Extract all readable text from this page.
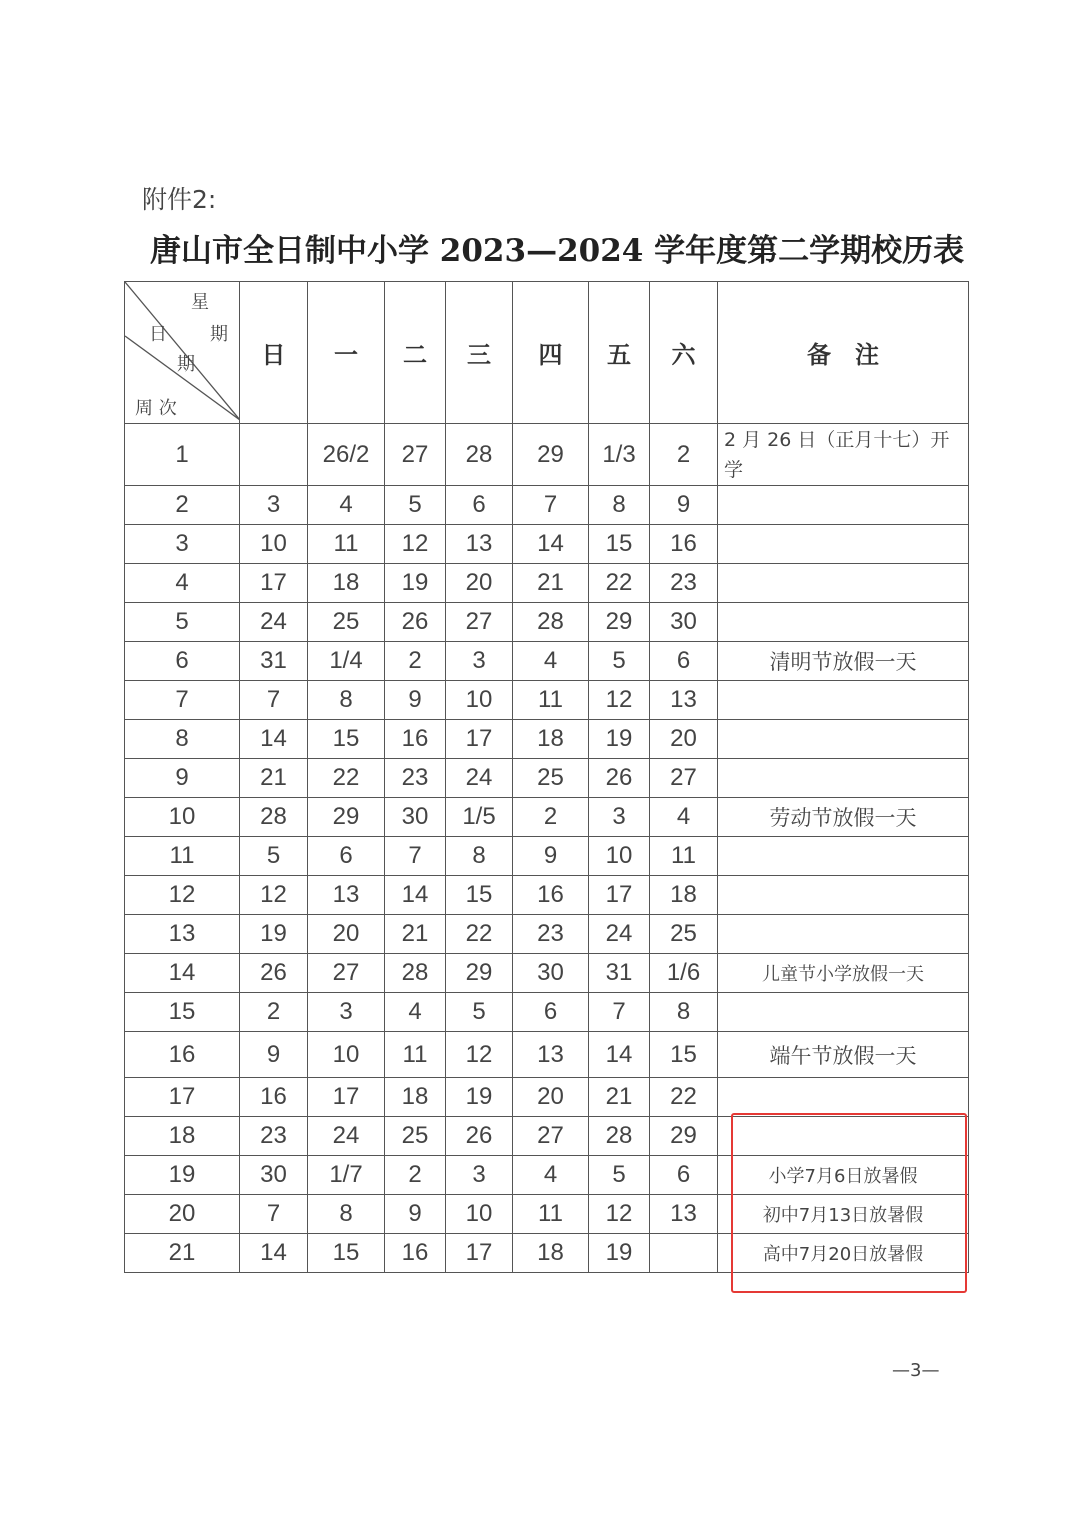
附件2:
唐山市全日制中小学 2023—2024 学年度第二学期校历表
星
期
日
期
周 次	日	一	二	三	四	五	六	备　注
1		26/2	27	28	29	1/3	2	2 月 26 日（正月十七）开学
2	3	4	5	6	7	8	9	
3	10	11	12	13	14	15	16	
4	17	18	19	20	21	22	23	
5	24	25	26	27	28	29	30	
6	31	1/4	2	3	4	5	6	清明节放假一天
7	7	8	9	10	11	12	13	
8	14	15	16	17	18	19	20	
9	21	22	23	24	25	26	27	
10	28	29	30	1/5	2	3	4	劳动节放假一天
11	5	6	7	8	9	10	11	
12	12	13	14	15	16	17	18	
13	19	20	21	22	23	24	25	
14	26	27	28	29	30	31	1/6	儿童节小学放假一天
15	2	3	4	5	6	7	8	
16	9	10	11	12	13	14	15	端午节放假一天
17	16	17	18	19	20	21	22	
18	23	24	25	26	27	28	29	
19	30	1/7	2	3	4	5	6	小学7月6日放暑假
20	7	8	9	10	11	12	13	初中7月13日放暑假
21	14	15	16	17	18	19		高中7月20日放暑假
—3—
